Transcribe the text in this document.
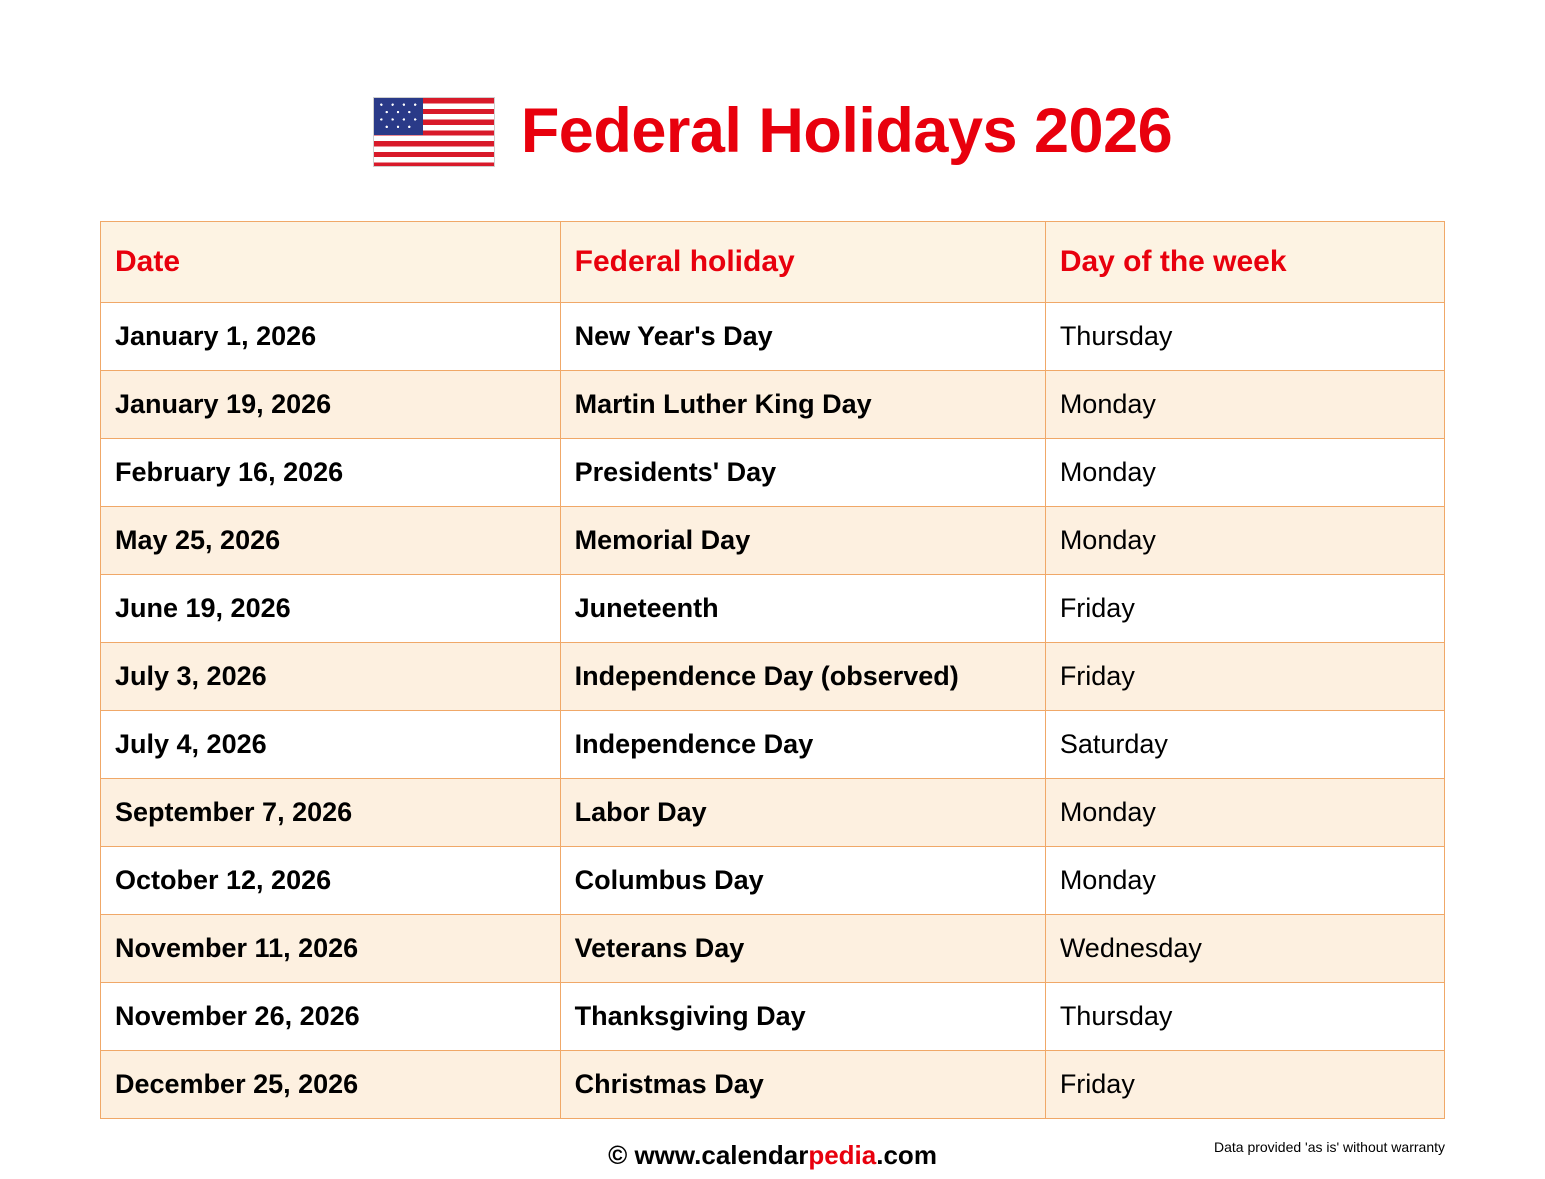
Federal Holidays 2026
Date	Federal holiday	Day of the week
January 1, 2026	New Year's Day	Thursday
January 19, 2026	Martin Luther King Day	Monday
February 16, 2026	Presidents' Day	Monday
May 25, 2026	Memorial Day	Monday
June 19, 2026	Juneteenth	Friday
July 3, 2026	Independence Day (observed)	Friday
July 4, 2026	Independence Day	Saturday
September 7, 2026	Labor Day	Monday
October 12, 2026	Columbus Day	Monday
November 11, 2026	Veterans Day	Wednesday
November 26, 2026	Thanksgiving Day	Thursday
December 25, 2026	Christmas Day	Friday
© www.calendarpedia.com	Data provided 'as is' without warranty
